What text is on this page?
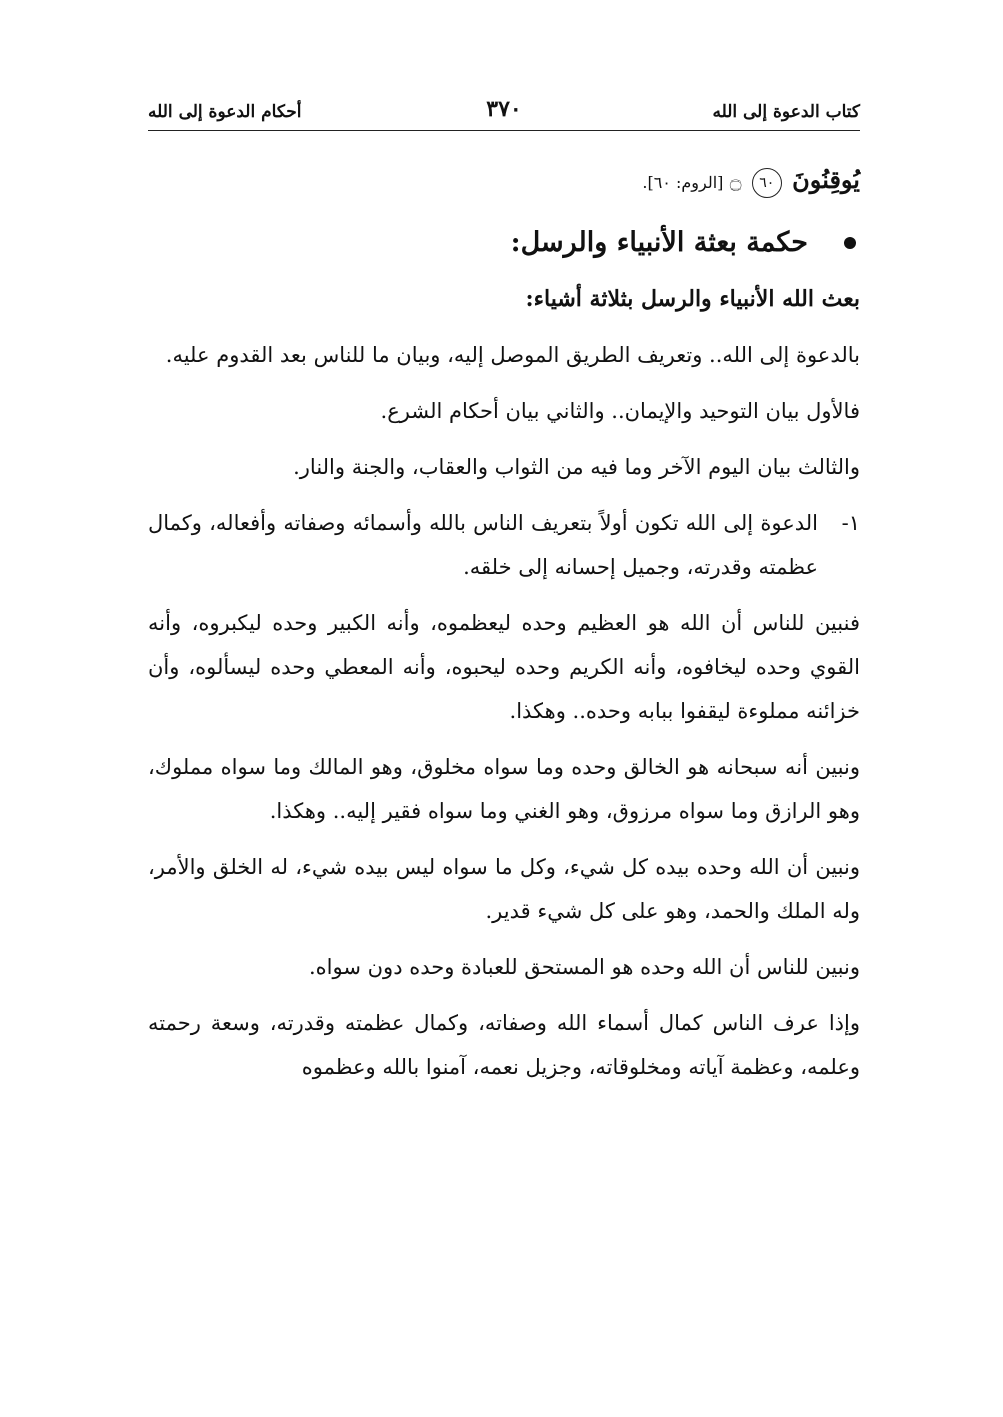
كتاب الدعوة إلى الله
٣٧٠
أحكام الدعوة إلى الله

يُوقِنُونَ ٦٠ ۝ [الروم: ٦٠].

حكمة بعثة الأنبياء والرسل:

بعث الله الأنبياء والرسل بثلاثة أشياء:

بالدعوة إلى الله.. وتعريف الطريق الموصل إليه، وبيان ما للناس بعد القدوم عليه.

فالأول بيان التوحيد والإيمان.. والثاني بيان أحكام الشرع.

والثالث بيان اليوم الآخر وما فيه من الثواب والعقاب، والجنة والنار.

١-
الدعوة إلى الله تكون أولاً بتعريف الناس بالله وأسمائه وصفاته وأفعاله، وكمال عظمته وقدرته، وجميل إحسانه إلى خلقه.

فنبين للناس أن الله هو العظيم وحده ليعظموه، وأنه الكبير وحده ليكبروه، وأنه القوي وحده ليخافوه، وأنه الكريم وحده ليحبوه، وأنه المعطي وحده ليسألوه، وأن خزائنه مملوءة ليقفوا ببابه وحده.. وهكذا.

ونبين أنه سبحانه هو الخالق وحده وما سواه مخلوق، وهو المالك وما سواه مملوك، وهو الرازق وما سواه مرزوق، وهو الغني وما سواه فقير إليه.. وهكذا.

ونبين أن الله وحده بيده كل شيء، وكل ما سواه ليس بيده شيء، له الخلق والأمر، وله الملك والحمد، وهو على كل شيء قدير.

ونبين للناس أن الله وحده هو المستحق للعبادة وحده دون سواه.

وإذا عرف الناس كمال أسماء الله وصفاته، وكمال عظمته وقدرته، وسعة رحمته وعلمه، وعظمة آياته ومخلوقاته، وجزيل نعمه، آمنوا بالله وعظموه
